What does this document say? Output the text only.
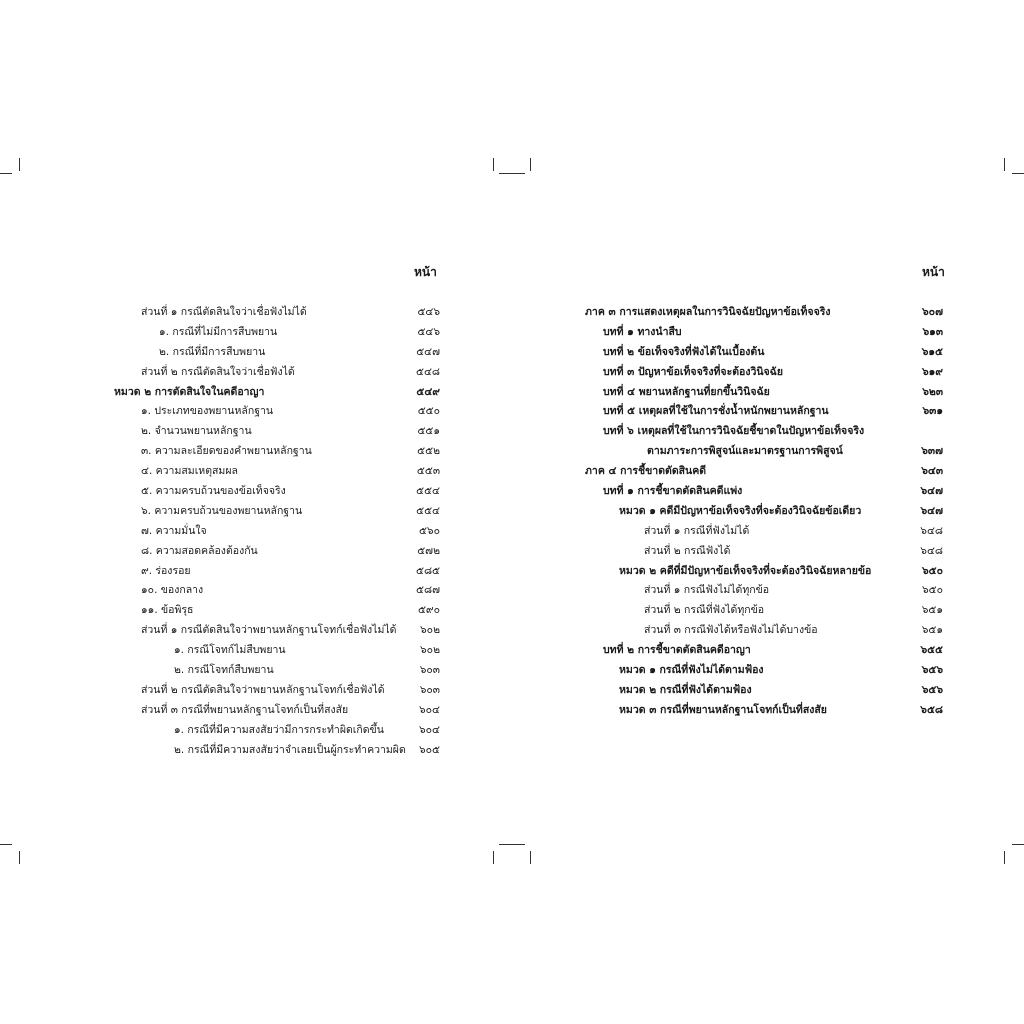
หน้า
ส่วนที่ ๑ กรณีตัดสินใจว่าเชื่อฟังไม่ได้	๕๔๖
๑. กรณีที่ไม่มีการสืบพยาน	๕๔๖
๒. กรณีที่มีการสืบพยาน	๕๔๗
ส่วนที่ ๒ กรณีตัดสินใจว่าเชื่อฟังได้	๕๔๘
หมวด ๒ การตัดสินใจในคดีอาญา	๕๔๙
๑. ประเภทของพยานหลักฐาน	๕๕๐
๒. จำนวนพยานหลักฐาน	๕๕๑
๓. ความละเอียดของคำพยานหลักฐาน	๕๕๒
๔. ความสมเหตุสมผล	๕๕๓
๕. ความครบถ้วนของข้อเท็จจริง	๕๕๔
๖. ความครบถ้วนของพยานหลักฐาน	๕๕๔
๗. ความมั่นใจ	๕๖๐
๘. ความสอดคล้องต้องกัน	๕๗๒
๙. ร่องรอย	๕๘๕
๑๐. ของกลาง	๕๘๗
๑๑. ข้อพิรุธ	๕๙๐
ส่วนที่ ๑ กรณีตัดสินใจว่าพยานหลักฐานโจทก์เชื่อฟังไม่ได้ ๖๐๒
๑. กรณีโจทก์ไม่สืบพยาน	๖๐๒
๒. กรณีโจทก์สืบพยาน	๖๐๓
ส่วนที่ ๒ กรณีตัดสินใจว่าพยานหลักฐานโจทก์เชื่อฟังได้	๖๐๓
ส่วนที่ ๓ กรณีที่พยานหลักฐานโจทก์เป็นที่สงสัย	๖๐๔
๑. กรณีที่มีความสงสัยว่ามีการกระทำผิดเกิดขึ้น	๖๐๔
๒. กรณีที่มีความสงสัยว่าจำเลยเป็นผู้กระทำความผิด ๖๐๕
หน้า
ภาค ๓ การแสดงเหตุผลในการวินิจฉัยปัญหาข้อเท็จจริง	๖๐๗
บทที่ ๑ ทางนำสืบ	๖๑๓
บทที่ ๒ ข้อเท็จจริงที่ฟังได้ในเบื้องต้น	๖๑๕
บทที่ ๓ ปัญหาข้อเท็จจริงที่จะต้องวินิจฉัย	๖๑๙
บทที่ ๔ พยานหลักฐานที่ยกขึ้นวินิจฉัย	๖๒๓
บทที่ ๕ เหตุผลที่ใช้ในการชั่งน้ำหนักพยานหลักฐาน	๖๓๑
บทที่ ๖ เหตุผลที่ใช้ในการวินิจฉัยชี้ขาดในปัญหาข้อเท็จจริง
ตามภาระการพิสูจน์และมาตรฐานการพิสูจน์	๖๓๗
ภาค ๔ การชี้ขาดตัดสินคดี	๖๔๓
บทที่ ๑ การชี้ขาดตัดสินคดีแพ่ง	๖๔๗
หมวด ๑ คดีมีปัญหาข้อเท็จจริงที่จะต้องวินิจฉัยข้อเดียว	๖๔๗
ส่วนที่ ๑ กรณีที่ฟังไม่ได้	๖๔๘
ส่วนที่ ๒ กรณีฟังได้	๖๔๘
หมวด ๒ คดีที่มีปัญหาข้อเท็จจริงที่จะต้องวินิจฉัยหลายข้อ	๖๕๐
ส่วนที่ ๑ กรณีฟังไม่ได้ทุกข้อ	๖๕๐
ส่วนที่ ๒ กรณีที่ฟังได้ทุกข้อ	๖๕๑
ส่วนที่ ๓ กรณีฟังได้หรือฟังไม่ได้บางข้อ	๖๕๑
บทที่ ๒ การชี้ขาดตัดสินคดีอาญา	๖๕๕
หมวด ๑ กรณีที่ฟังไม่ได้ตามฟ้อง	๖๕๖
หมวด ๒ กรณีที่ฟังได้ตามฟ้อง	๖๕๖
หมวด ๓ กรณีที่พยานหลักฐานโจทก์เป็นที่สงสัย	๖๕๘
